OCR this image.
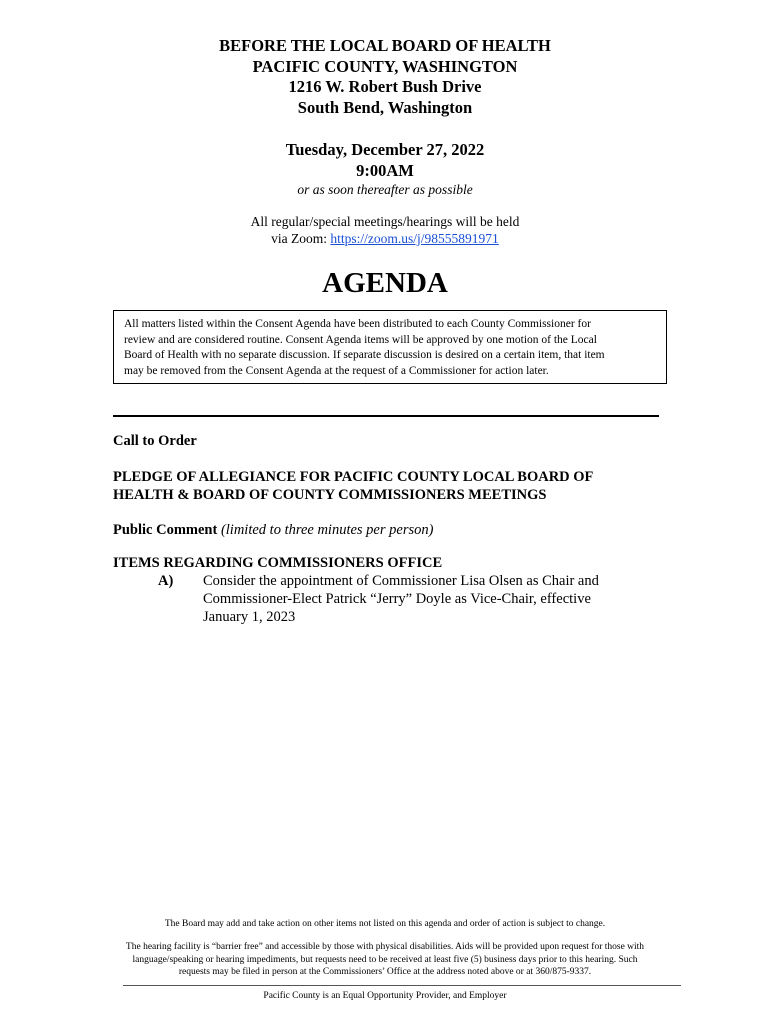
BEFORE THE LOCAL BOARD OF HEALTH
PACIFIC COUNTY, WASHINGTON
1216 W. Robert Bush Drive
South Bend, Washington
Tuesday, December 27, 2022
9:00AM
or as soon thereafter as possible
All regular/special meetings/hearings will be held
via Zoom: https://zoom.us/j/98555891971
AGENDA
All matters listed within the Consent Agenda have been distributed to each County Commissioner for
review and are considered routine. Consent Agenda items will be approved by one motion of the Local
Board of Health with no separate discussion. If separate discussion is desired on a certain item, that item
may be removed from the Consent Agenda at the request of a Commissioner for action later.
Call to Order
PLEDGE OF ALLEGIANCE FOR PACIFIC COUNTY LOCAL BOARD OF
HEALTH & BOARD OF COUNTY COMMISSIONERS MEETINGS
Public Comment (limited to three minutes per person)
ITEMS REGARDING COMMISSIONERS OFFICE
A) Consider the appointment of Commissioner Lisa Olsen as Chair and
Commissioner-Elect Patrick “Jerry” Doyle as Vice-Chair, effective
January 1, 2023
The Board may add and take action on other items not listed on this agenda and order of action is subject to change.
The hearing facility is “barrier free” and accessible by those with physical disabilities. Aids will be provided upon request for those with
language/speaking or hearing impediments, but requests need to be received at least five (5) business days prior to this hearing. Such
requests may be filed in person at the Commissioners’ Office at the address noted above or at 360/875-9337.
Pacific County is an Equal Opportunity Provider, and Employer
